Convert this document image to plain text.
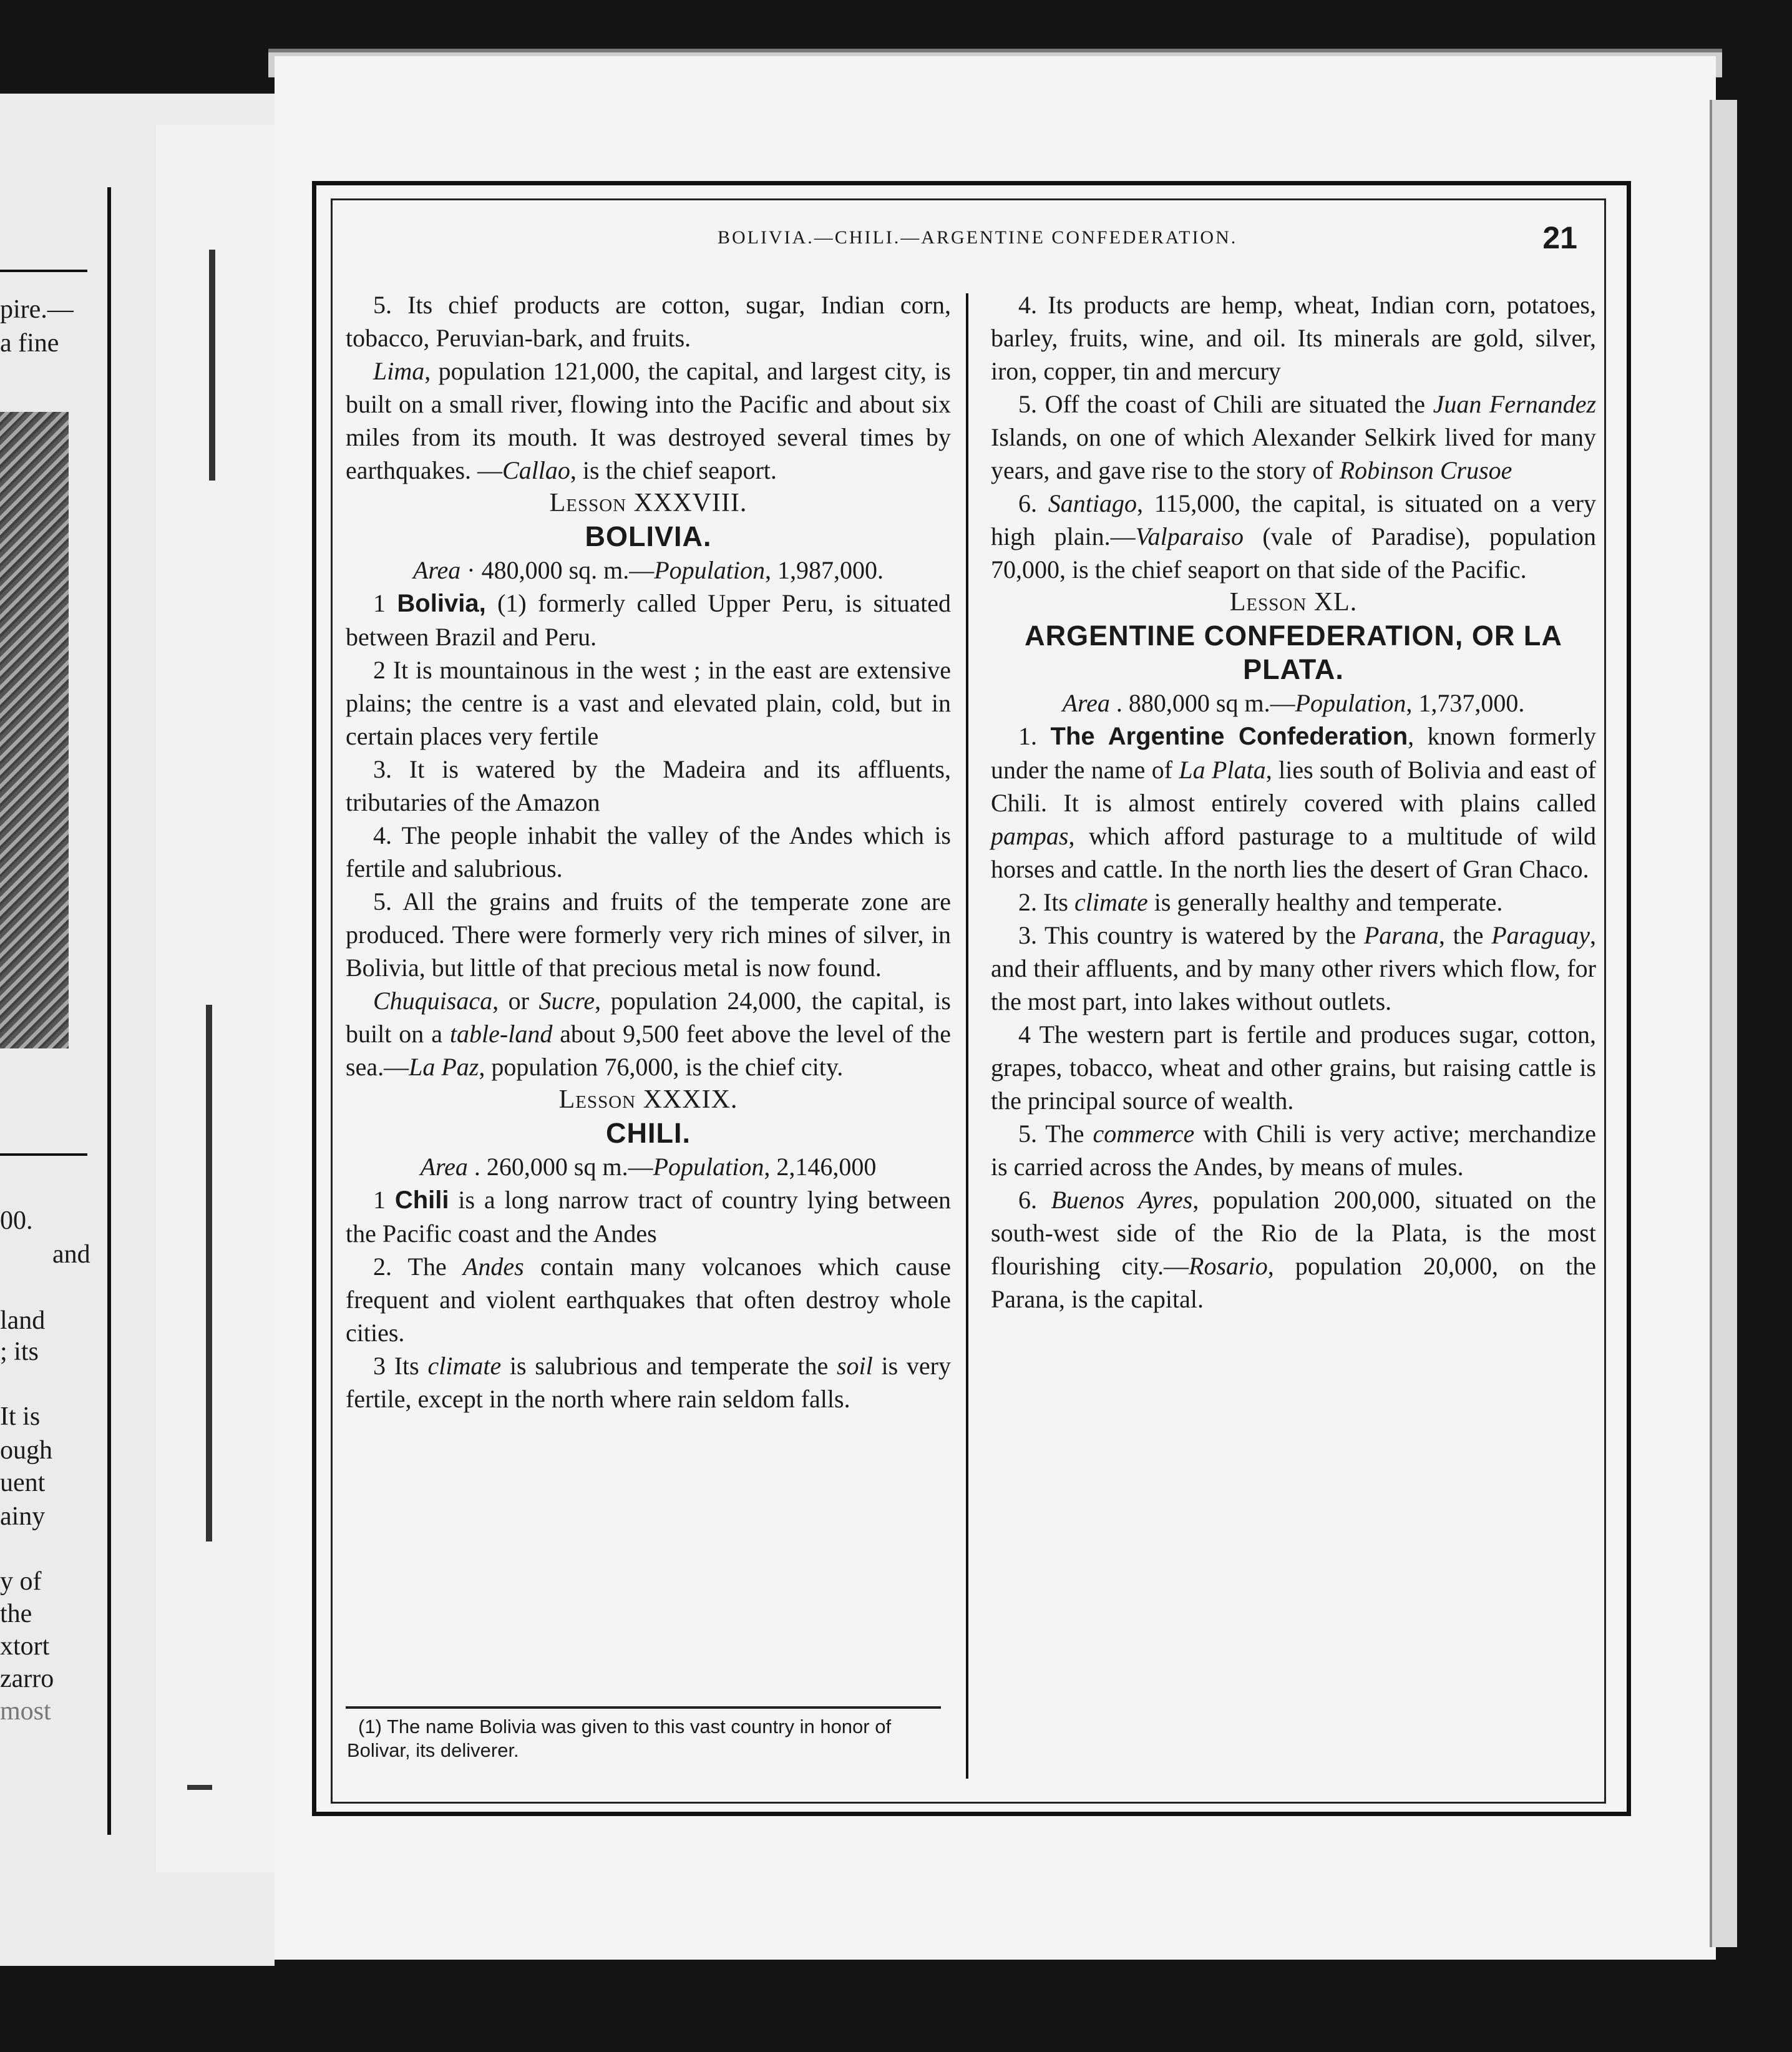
pire.—
a fine
00.
and
land
; its
It is
ough
uent
ainy
y of
the
xtort
zarro
most
BOLIVIA.—CHILI.—ARGENTINE CONFEDERATION.	21

5. Its chief products are cotton, sugar, Indian corn, tobacco, Peruvian-bark, and fruits.

Lima, population 121,000, the capital, and largest city, is built on a small river, flowing into the Pacific and about six miles from its mouth. It was destroyed several times by earthquakes. —Callao, is the chief seaport.

Lesson XXXVIII.

BOLIVIA.

Area · 480,000 sq. m.—Population, 1,987,000.

1 Bolivia, (1) formerly called Upper Peru, is situated between Brazil and Peru.

2 It is mountainous in the west ; in the east are extensive plains; the centre is a vast and elevated plain, cold, but in certain places very fertile

3. It is watered by the Madeira and its affluents, tributaries of the Amazon

4. The people inhabit the valley of the Andes which is fertile and salubrious.

5. All the grains and fruits of the temperate zone are produced. There were formerly very rich mines of silver, in Bolivia, but little of that precious metal is now found.

Chuquisaca, or Sucre, population 24,000, the capital, is built on a table-land about 9,500 feet above the level of the sea.—La Paz, population 76,000, is the chief city.

Lesson XXXIX.

CHILI.

Area . 260,000 sq m.—Population, 2,146,000

1 Chili is a long narrow tract of country lying between the Pacific coast and the Andes

2. The Andes contain many volcanoes which cause frequent and violent earthquakes that often destroy whole cities.

3 Its climate is salubrious and temperate the soil is very fertile, except in the north where rain seldom falls.

(1) The name Bolivia was given to this vast country in honor of Bolivar, its deliverer.

4. Its products are hemp, wheat, Indian corn, potatoes, barley, fruits, wine, and oil. Its minerals are gold, silver, iron, copper, tin and mercury

5. Off the coast of Chili are situated the Juan Fernandez Islands, on one of which Alexander Selkirk lived for many years, and gave rise to the story of Robinson Crusoe

6. Santiago, 115,000, the capital, is situated on a very high plain.—Valparaiso (vale of Paradise), population 70,000, is the chief seaport on that side of the Pacific.

Lesson XL.

ARGENTINE CONFEDERATION, OR LA PLATA.

Area . 880,000 sq m.—Population, 1,737,000.

1. The Argentine Confederation, known formerly under the name of La Plata, lies south of Bolivia and east of Chili. It is almost entirely covered with plains called pampas, which afford pasturage to a multitude of wild horses and cattle. In the north lies the desert of Gran Chaco.

2. Its climate is generally healthy and temperate.

3. This country is watered by the Parana, the Paraguay, and their affluents, and by many other rivers which flow, for the most part, into lakes without outlets.

4 The western part is fertile and produces sugar, cotton, grapes, tobacco, wheat and other grains, but raising cattle is the principal source of wealth.

5. The commerce with Chili is very active; merchandize is carried across the Andes, by means of mules.

6. Buenos Ayres, population 200,000, situated on the south-west side of the Rio de la Plata, is the most flourishing city.—Rosario, population 20,000, on the Parana, is the capital.
